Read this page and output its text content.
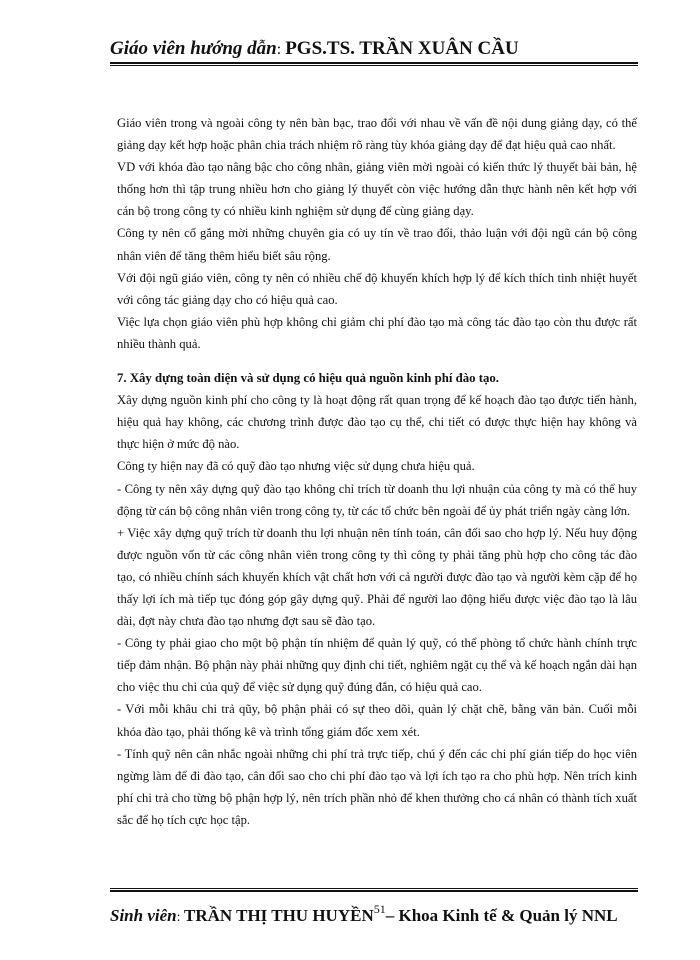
Giáo viên hướng dẫn: PGS.TS. TRẦN XUÂN CẦU

Giáo viên trong và ngoài công ty nên bàn bạc, trao đổi với nhau về vấn đề nội dung giảng dạy, có thể giảng dạy kết hợp hoặc phân chia trách nhiệm rõ ràng tùy khóa giảng dạy để đạt hiệu quả cao nhất.

VD với khóa đào tạo nâng bậc cho công nhân, giảng viên mời ngoài có kiến thức lý thuyết bài bản, hệ thống hơn thì tập trung nhiều hơn cho giảng lý thuyết còn việc hướng dẫn thực hành nên kết hợp với cán bộ trong công ty có nhiều kinh nghiệm sử dụng để cùng giảng dạy.

Công ty nên cố gắng mời những chuyên gia có uy tín về trao đổi, thảo luận với đội ngũ cán bộ công nhân viên để tăng thêm hiểu biết sâu rộng.

Với đội ngũ giáo viên, công ty nên có nhiều chế độ khuyến khích hợp lý để kích thích tinh nhiệt huyết với công tác giảng dạy cho có hiệu quả cao.

Việc lựa chọn giáo viên phù hợp không chỉ giảm chi phí đào tạo mà công tác đào tạo còn thu được rất nhiều thành quả.

7. Xây dựng toàn diện và sử dụng có hiệu quả nguồn kinh phí đào tạo.

Xây dựng nguồn kinh phí cho công ty là hoạt động rất quan trọng để kế hoạch đào tạo được tiến hành, hiệu quả hay không, các chương trình được đào tạo cụ thể, chi tiết có được thực hiện hay không và thực hiện ở mức độ nào.

Công ty hiện nay đã có quỹ đào tạo nhưng việc sử dụng chưa hiệu quả.

- Công ty nên xây dựng quỹ đào tạo không chỉ trích từ doanh thu lợi nhuận của công ty mà có thể huy động từ cán bộ công nhân viên trong công ty, từ các tổ chức bên ngoài để ủy phát triển ngày càng lớn.

+ Việc xây dựng quỹ trích từ doanh thu lợi nhuận nên tính toán, cân đối sao cho hợp lý. Nếu huy động được nguồn vốn từ các công nhân viên trong công ty thì công ty phải tăng phù hợp cho công tác đào tạo, có nhiều chính sách khuyến khích vật chất hơn với cả người được đào tạo và người kèm cặp để họ thấy lợi ích mà tiếp tục đóng góp gây dựng quỹ. Phải để người lao động hiểu được việc đào tạo là lâu dài, đợt này chưa đào tạo nhưng đợt sau sẽ đào tạo.

- Công ty phải giao cho một bộ phận tín nhiệm để quản lý quỹ, có thể phòng tổ chức hành chính trực tiếp đảm nhận. Bộ phận này phải những quy định chi tiết, nghiêm ngặt cụ thể và kế hoạch ngắn dài hạn cho việc thu chi của quỹ để việc sử dụng quỹ đúng đắn, có hiệu quả cao.

- Với mỗi khâu chi trả qũy, bộ phận phải có sự theo dõi, quản lý chặt chẽ, bằng văn bản. Cuối mỗi khóa đào tạo, phải thống kê và trình tổng giám đốc xem xét.

- Tính quỹ nên cân nhắc ngoài những chi phí trả trực tiếp, chú ý đến các chi phí gián tiếp do học viên ngừng làm để đi đào tạo, cân đối sao cho chi phí đào tạo và lợi ích tạo ra cho phù hợp. Nên trích kinh phí chi trả cho từng bộ phận hợp lý, nên trích phần nhỏ để khen thưởng cho cá nhân có thành tích xuất sắc để họ tích cực học tập.

Sinh viên: TRẦN THỊ THU HUYỀN$^{51}$– Khoa Kinh tế & Quản lý NNL
